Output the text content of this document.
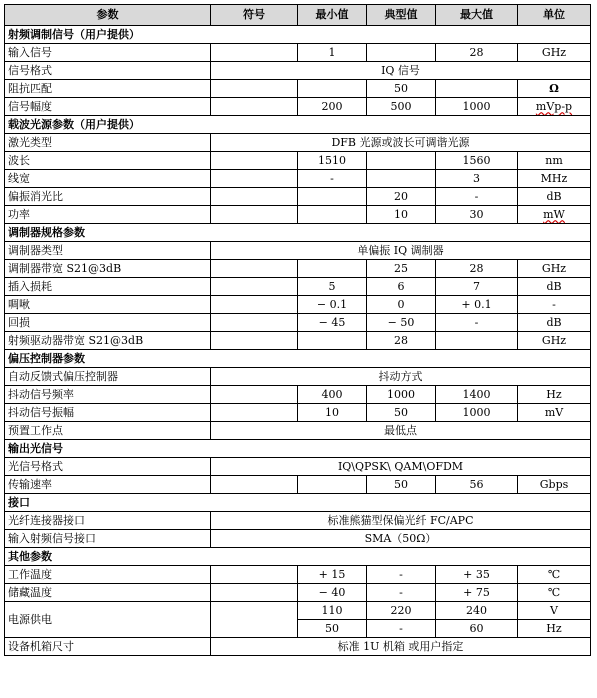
参数	符号	最小值	典型值	最大值	单位
射频调制信号（用户提供）					
输入信号		1		28	GHz
信号格式	IQ 信号				
阻抗匹配			50		Ω
信号幅度		200	500	1000	mVp-p
载波光源参数（用户提供）					
激光类型	DFB 光源或波长可调谐光源				
波长		1510		1560	nm
线宽		-		3	MHz
偏振消光比			20	-	dB
功率			10	30	mW
调制器规格参数					
调制器类型	单偏振 IQ 调制器				
调制器带宽 S21@3dB			25	28	GHz
插入损耗		5	6	7	dB
啁啾		− 0.1	0	+ 0.1	-
回损		− 45	− 50	-	dB
射频驱动器带宽 S21@3dB			28		GHz
偏压控制器参数					
自动反馈式偏压控制器	抖动方式				
抖动信号频率		400	1000	1400	Hz
抖动信号振幅		10	50	1000	mV
预置工作点	最低点				
输出光信号					
光信号格式	IQ\QPSK\ QAM\OFDM				
传输速率			50	56	Gbps
接口					
光纤连接器接口	标准熊猫型保偏光纤 FC/APC				
输入射频信号接口	SMA（50Ω）				
其他参数					
工作温度		+ 15	-	+ 35	℃
储藏温度		− 40	-	+ 75	℃
电源供电		110	220	240	V
		50	-	60	Hz
设备机箱尺寸	标准 1U 机箱 或用户指定				
